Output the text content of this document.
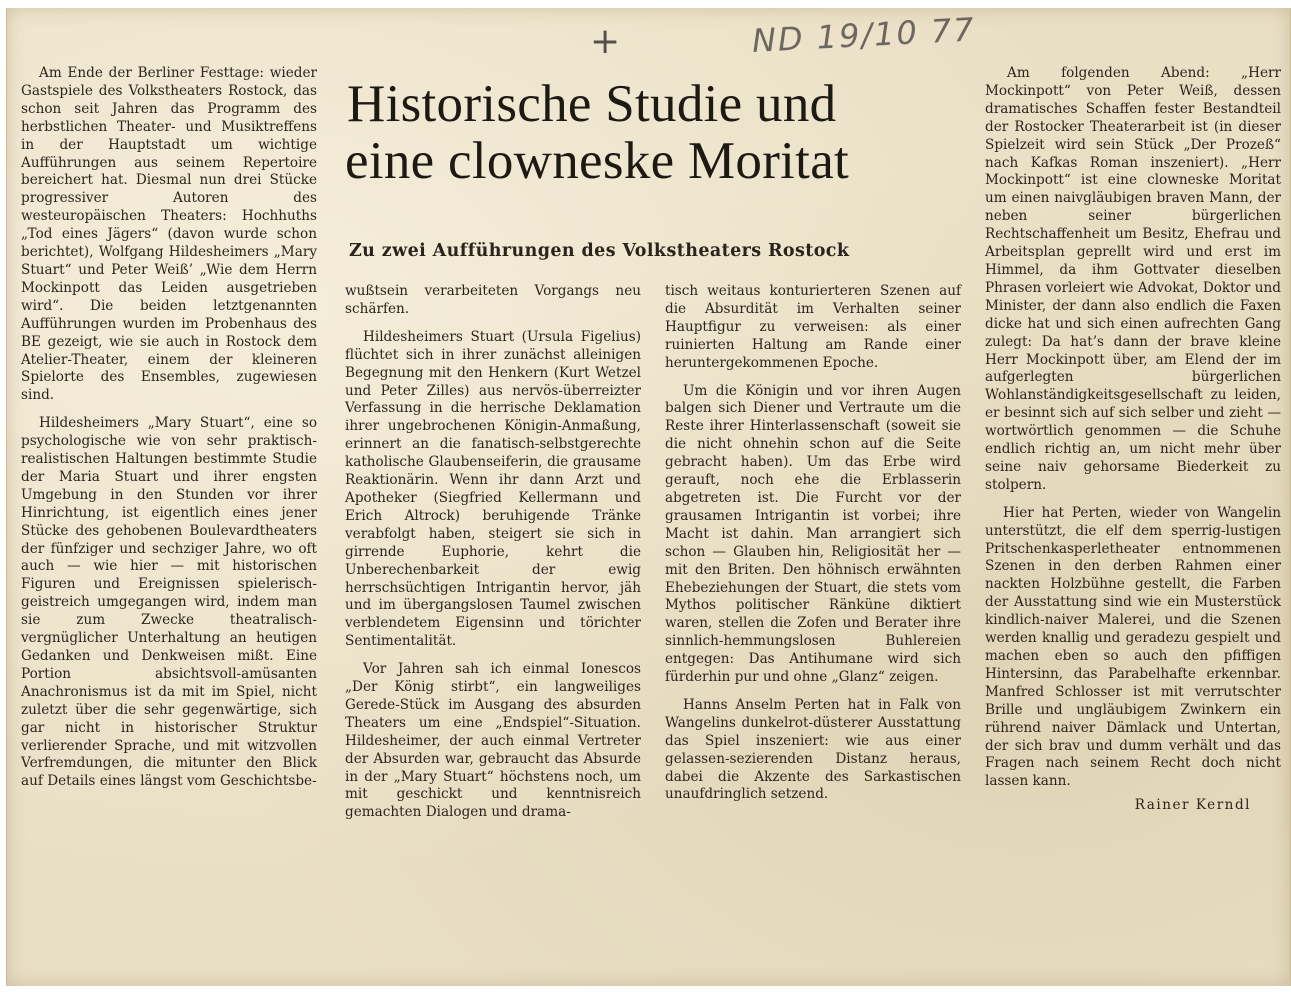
+	ND 19/10 77
Historische Studie und
eine clowneske Moritat
Zu zwei Aufführungen des Volkstheaters Rostock

Am Ende der Berliner Festtage: wieder Gastspiele des Volkstheaters Rostock, das schon seit Jahren das Programm des herbstlichen Theater- und Musiktreffens in der Hauptstadt um wichtige Aufführungen aus seinem Repertoire bereichert hat. Diesmal nun drei Stücke progressiver Autoren des westeuropäischen Theaters: Hochhuths „Tod eines Jägers“ (davon wurde schon berichtet), Wolfgang Hildesheimers „Mary Stuart“ und Peter Weiß’ „Wie dem Herrn Mockinpott das Leiden ausgetrieben wird“. Die beiden letztgenannten Aufführungen wurden im Probenhaus des BE gezeigt, wie sie auch in Rostock dem Atelier-Theater, einem der kleineren Spielorte des Ensembles, zugewiesen sind.

Hildesheimers „Mary Stuart“, eine so psychologische wie von sehr praktisch-realistischen Haltungen bestimmte Studie der Maria Stuart und ihrer engsten Umgebung in den Stunden vor ihrer Hinrichtung, ist eigentlich eines jener Stücke des gehobenen Boulevardtheaters der fünfziger und sechziger Jahre, wo oft auch — wie hier — mit historischen Figuren und Ereignissen spielerisch-geistreich umgegangen wird, indem man sie zum Zwecke theatralisch-vergnüglicher Unterhaltung an heutigen Gedanken und Denkweisen mißt. Eine Portion absichtsvoll-amüsanten Anachronismus ist da mit im Spiel, nicht zuletzt über die sehr gegenwärtige, sich gar nicht in historischer Struktur verlierender Sprache, und mit witzvollen Verfremdungen, die mitunter den Blick auf Details eines längst vom Geschichtsbe-

wußtsein verarbeiteten Vorgangs neu schärfen.

Hildesheimers Stuart (Ursula Figelius) flüchtet sich in ihrer zunächst alleinigen Begegnung mit den Henkern (Kurt Wetzel und Peter Zilles) aus nervös-überreizter Verfassung in die herrische Deklamation ihrer ungebrochenen Königin-Anmaßung, erinnert an die fanatisch-selbstgerechte katholische Glaubenseiferin, die grausame Reaktionärin. Wenn ihr dann Arzt und Apotheker (Siegfried Kellermann und Erich Altrock) beruhigende Tränke verabfolgt haben, steigert sie sich in girrende Euphorie, kehrt die Unberechenbarkeit der ewig herrschsüchtigen Intrigantin hervor, jäh und im übergangslosen Taumel zwischen verblendetem Eigensinn und törichter Sentimentalität.

Vor Jahren sah ich einmal Ionescos „Der König stirbt“, ein langweiliges Gerede-Stück im Ausgang des absurden Theaters um eine „Endspiel“-Situation. Hildesheimer, der auch einmal Vertreter der Absurden war, gebraucht das Absurde in der „Mary Stuart“ höchstens noch, um mit geschickt und kenntnisreich gemachten Dialogen und drama-

tisch weitaus konturierteren Szenen auf die Absurdität im Verhalten seiner Hauptfigur zu verweisen: als einer ruinierten Haltung am Rande einer heruntergekommenen Epoche.

Um die Königin und vor ihren Augen balgen sich Diener und Vertraute um die Reste ihrer Hinterlassenschaft (soweit sie die nicht ohnehin schon auf die Seite gebracht haben). Um das Erbe wird gerauft, noch ehe die Erblasserin abgetreten ist. Die Furcht vor der grausamen Intrigantin ist vorbei; ihre Macht ist dahin. Man arrangiert sich schon — Glauben hin, Religiosität her — mit den Briten. Den höhnisch erwähnten Ehebeziehungen der Stuart, die stets vom Mythos politischer Ränküne diktiert waren, stellen die Zofen und Berater ihre sinnlich-hemmungslosen Buhlereien entgegen: Das Antihumane wird sich fürderhin pur und ohne „Glanz“ zeigen.

Hanns Anselm Perten hat in Falk von Wangelins dunkelrot-düsterer Ausstattung das Spiel inszeniert: wie aus einer gelassen-sezierenden Distanz heraus, dabei die Akzente des Sarkastischen unaufdringlich setzend.

Am folgenden Abend: „Herr Mockinpott“ von Peter Weiß, dessen dramatisches Schaffen fester Bestandteil der Rostocker Theaterarbeit ist (in dieser Spielzeit wird sein Stück „Der Prozeß“ nach Kafkas Roman inszeniert). „Herr Mockinpott“ ist eine clowneske Moritat um einen naivgläubigen braven Mann, der neben seiner bürgerlichen Rechtschaffenheit um Besitz, Ehefrau und Arbeitsplan geprellt wird und erst im Himmel, da ihm Gottvater dieselben Phrasen vorleiert wie Advokat, Doktor und Minister, der dann also endlich die Faxen dicke hat und sich einen aufrechten Gang zulegt: Da hat’s dann der brave kleine Herr Mockinpott über, am Elend der im aufgerlegten bürgerlichen Wohlanständigkeitsgesellschaft zu leiden, er besinnt sich auf sich selber und zieht — wortwörtlich genommen — die Schuhe endlich richtig an, um nicht mehr über seine naiv gehorsame Biederkeit zu stolpern.

Hier hat Perten, wieder von Wangelin unterstützt, die elf dem sperrig-lustigen Pritschenkasperletheater entnommenen Szenen in den derben Rahmen einer nackten Holzbühne gestellt, die Farben der Ausstattung sind wie ein Musterstück kindlich-naiver Malerei, und die Szenen werden knallig und geradezu gespielt und machen eben so auch den pfiffigen Hintersinn, das Parabelhafte erkennbar. Manfred Schlosser ist mit verrutschter Brille und ungläubigem Zwinkern ein rührend naiver Dämlack und Untertan, der sich brav und dumm verhält und das Fragen nach seinem Recht doch nicht lassen kann.

Rainer Kerndl
